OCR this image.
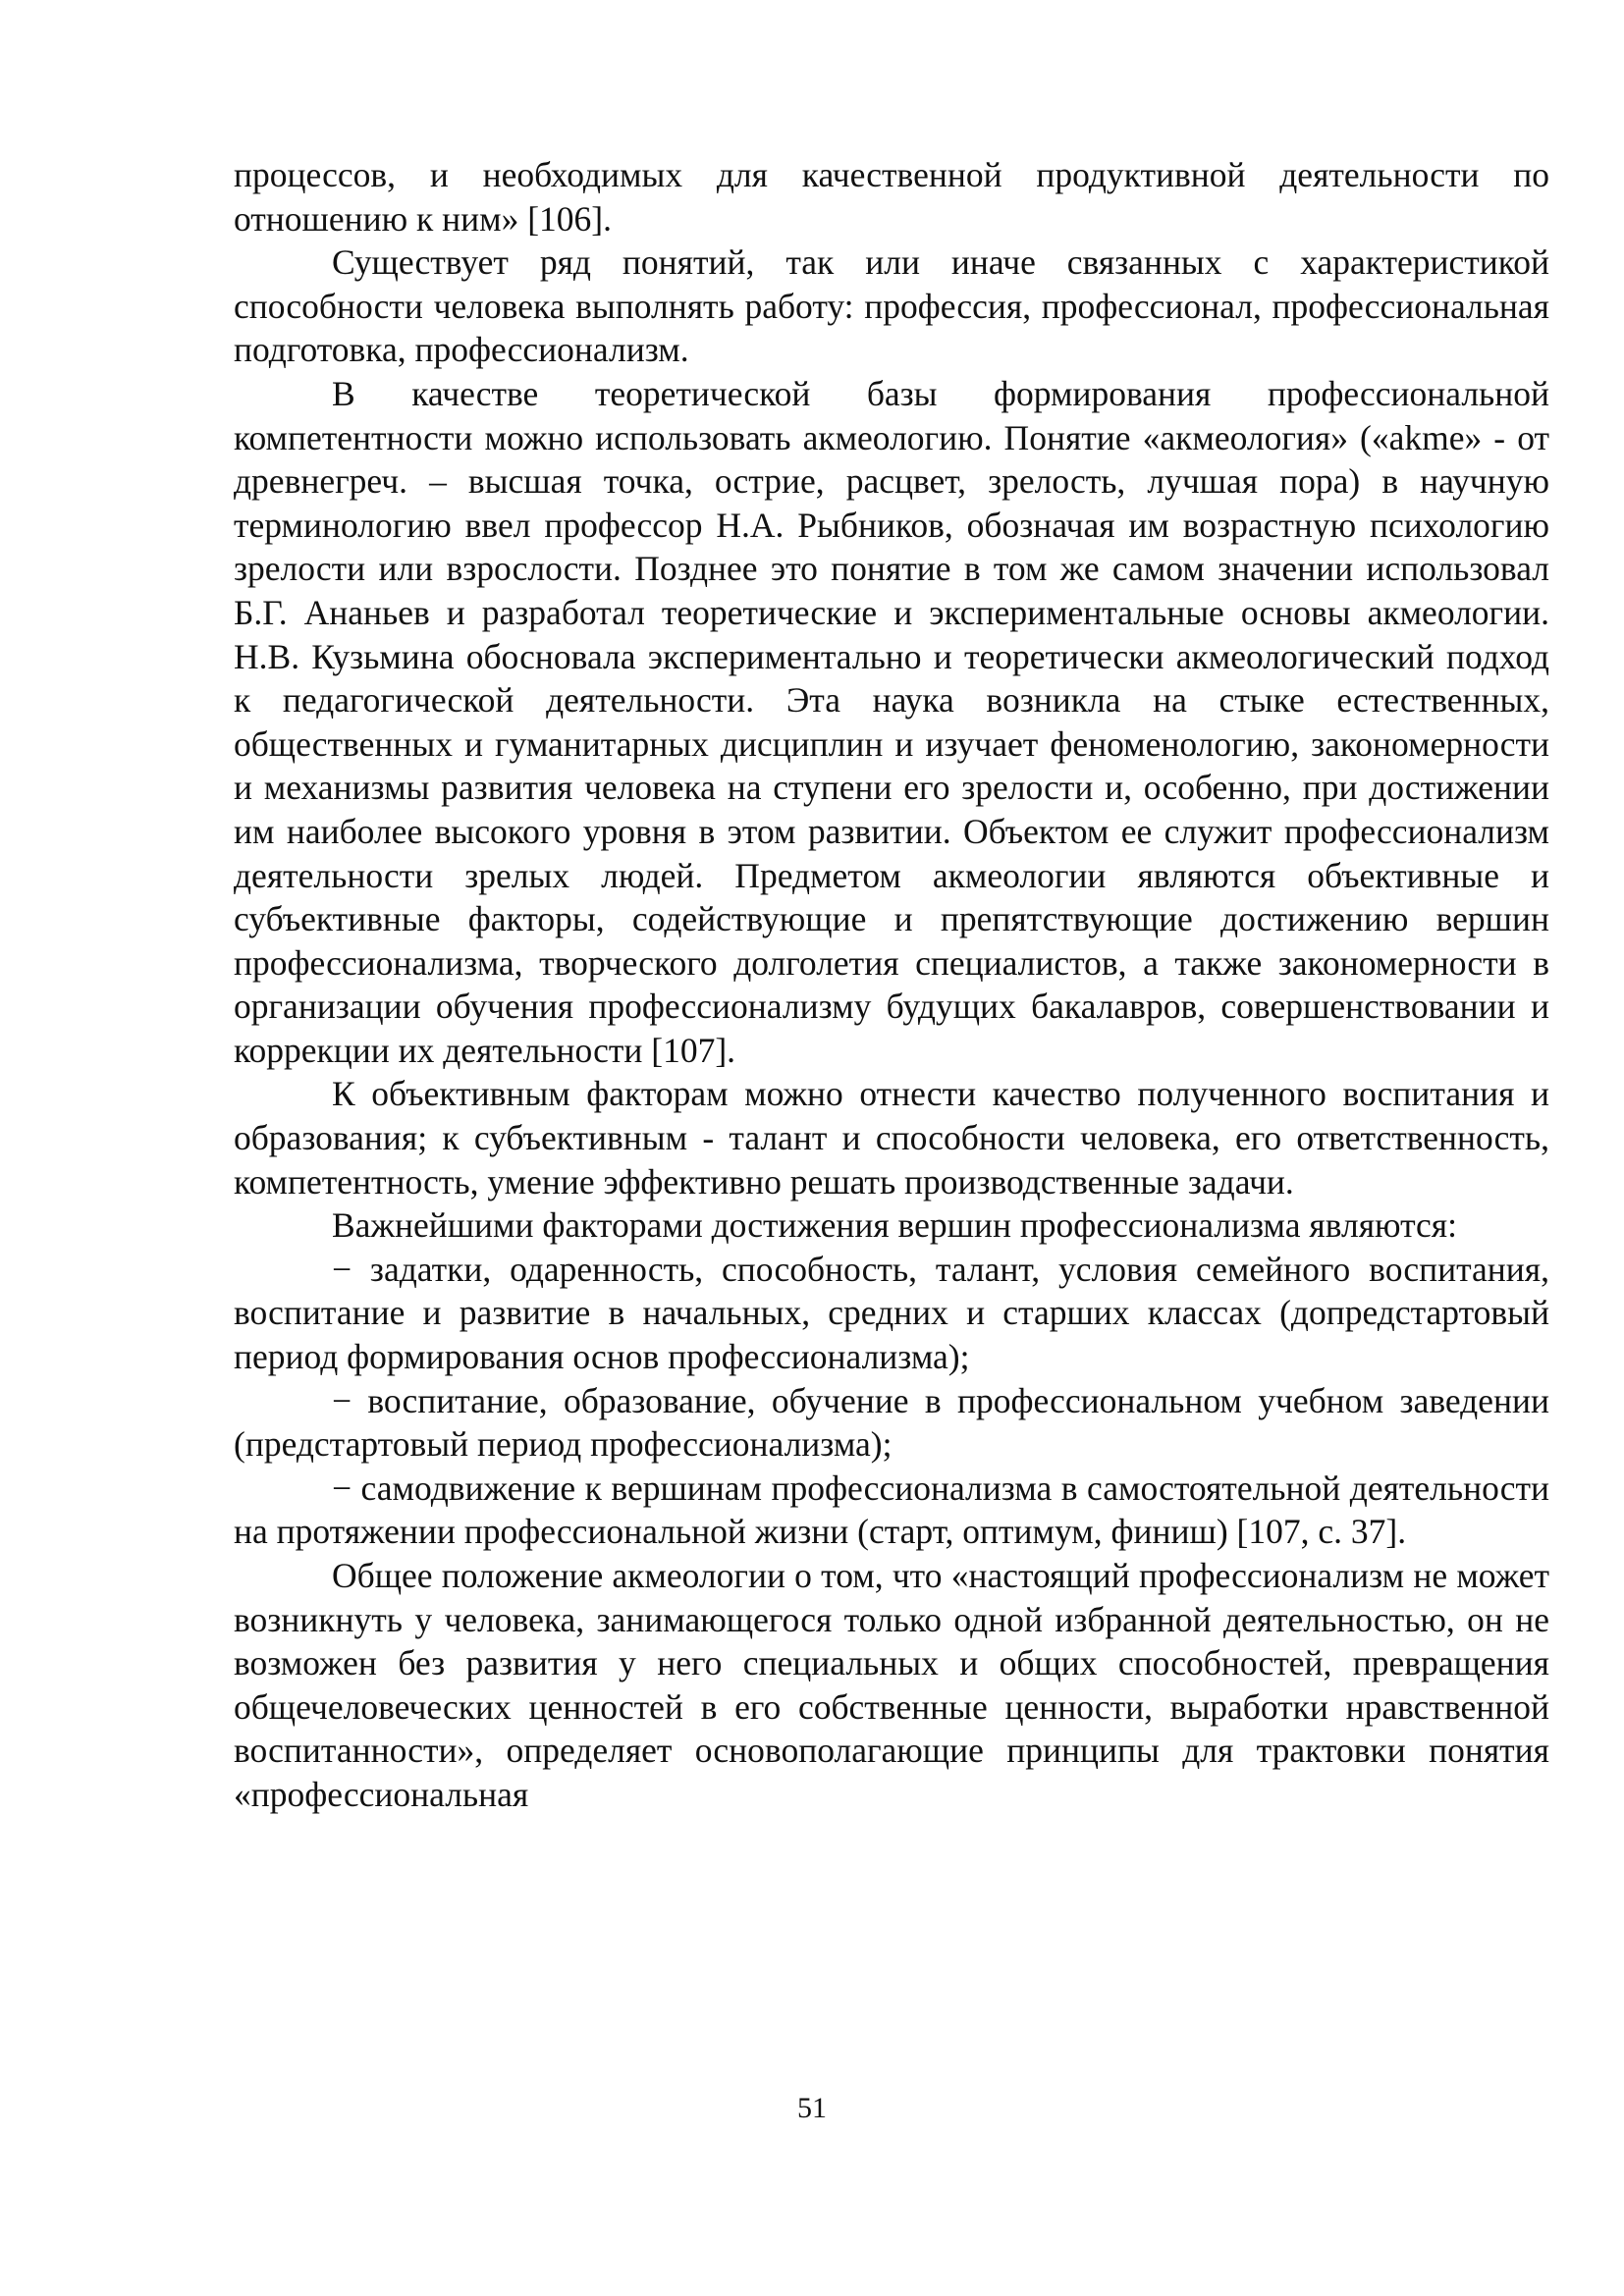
процессов, и необходимых для качественной продуктивной деятельности по отношению к ним» [106].

Существует ряд понятий, так или иначе связанных с характеристикой способности человека выполнять работу: профессия, профессионал, профессиональная подготовка, профессионализм.

В качестве теоретической базы формирования профессиональной компетентности можно использовать акмеологию. Понятие «акмеология» («akme» - от древнегреч. – высшая точка, острие, расцвет, зрелость, лучшая пора) в научную терминологию ввел профессор Н.А. Рыбников, обозначая им возрастную психологию зрелости или взрослости. Позднее это понятие в том же самом значении использовал Б.Г. Ананьев и разработал теоретические и экспериментальные основы акмеологии. Н.В. Кузьмина обосновала экспериментально и теоретически акмеологический подход к педагогической деятельности. Эта наука возникла на стыке естественных, общественных и гуманитарных дисциплин и изучает феноменологию, закономерности и механизмы развития человека на ступени его зрелости и, особенно, при достижении им наиболее высокого уровня в этом развитии. Объектом ее служит профессионализм деятельности зрелых людей. Предметом акмеологии являются объективные и субъективные факторы, содействующие и препятствующие достижению вершин профессионализма, творческого долголетия специалистов, а также закономерности в организации обучения профессионализму будущих бакалавров, совершенствовании и коррекции их деятельности [107].

К объективным факторам можно отнести качество полученного воспитания и образования; к субъективным - талант и способности человека, его ответственность, компетентность, умение эффективно решать производственные задачи.

Важнейшими факторами достижения вершин профессионализма являются:

− задатки, одаренность, способность, талант, условия семейного воспитания, воспитание и развитие в начальных, средних и старших классах (допредстартовый период формирования основ профессионализма);

− воспитание, образование, обучение в профессиональном учебном заведении (предстартовый период профессионализма);

− самодвижение к вершинам профессионализма в самостоятельной деятельности на протяжении профессиональной жизни (старт, оптимум, финиш) [107, с. 37].

Общее положение акмеологии о том, что «настоящий профессионализм не может возникнуть у человека, занимающегося только одной избранной деятельностью, он не возможен без развития у него специальных и общих способностей, превращения общечеловеческих ценностей в его собственные ценности, выработки нравственной воспитанности», определяет основополагающие принципы для трактовки понятия «профессиональная

51
